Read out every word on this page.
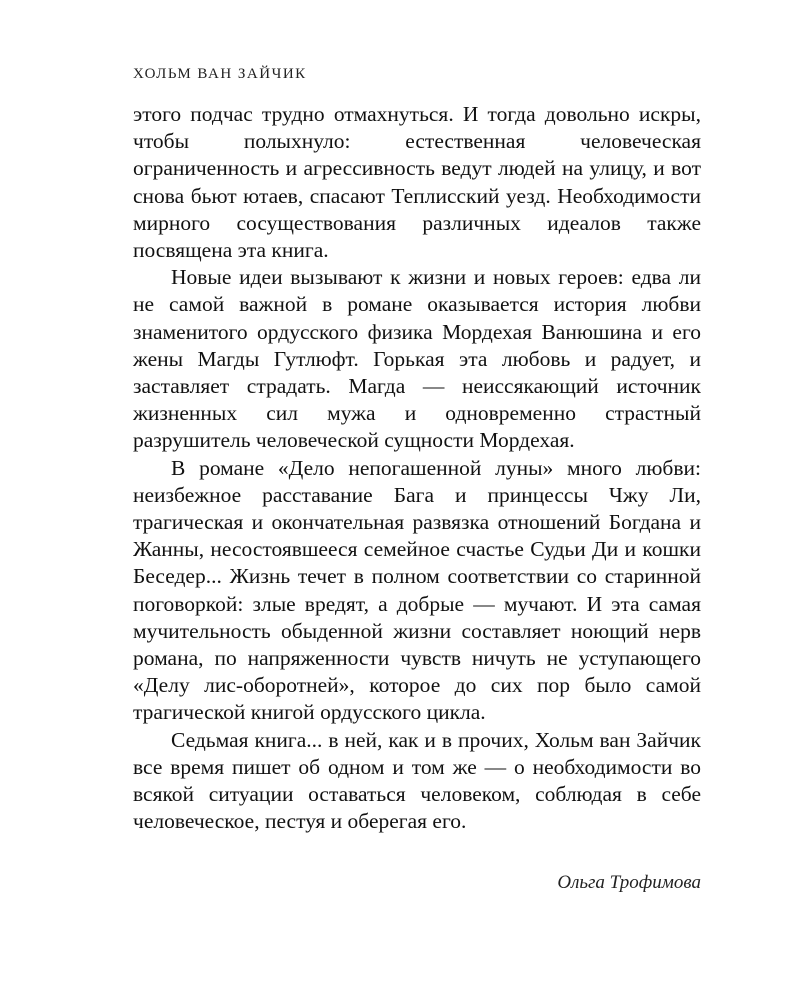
ХОЛЬМ ВАН ЗАЙЧИК

этого подчас трудно отмахнуться. И тогда довольно искры, чтобы полыхнуло: естественная человеческая ограниченность и агрессивность ведут людей на улицу, и вот снова бьют ютаев, спасают Теплисский уезд. Необходимости мирного сосуществования различных идеалов также посвящена эта книга.

Новые идеи вызывают к жизни и новых героев: едва ли не самой важной в романе оказывается история любви знаменитого ордусского физика Мордехая Ванюшина и его жены Магды Гутлюфт. Горькая эта любовь и радует, и заставляет страдать. Магда — неиссякающий источник жизненных сил мужа и одновременно страстный разрушитель человеческой сущности Мордехая.

В романе «Дело непогашенной луны» много любви: неизбежное расставание Бага и принцессы Чжу Ли, трагическая и окончательная развязка отношений Богдана и Жанны, несостоявшееся семейное счастье Судьи Ди и кошки Беседер... Жизнь течет в полном соответствии со старинной поговоркой: злые вредят, а добрые — мучают. И эта самая мучительность обыденной жизни составляет ноющий нерв романа, по напряженности чувств ничуть не уступающего «Делу лис-оборотней», которое до сих пор было самой трагической книгой ордусского цикла.

Седьмая книга... в ней, как и в прочих, Хольм ван Зайчик все время пишет об одном и том же — о необходимости во всякой ситуации оставаться человеком, соблюдая в себе человеческое, пестуя и оберегая его.

Ольга Трофимова
